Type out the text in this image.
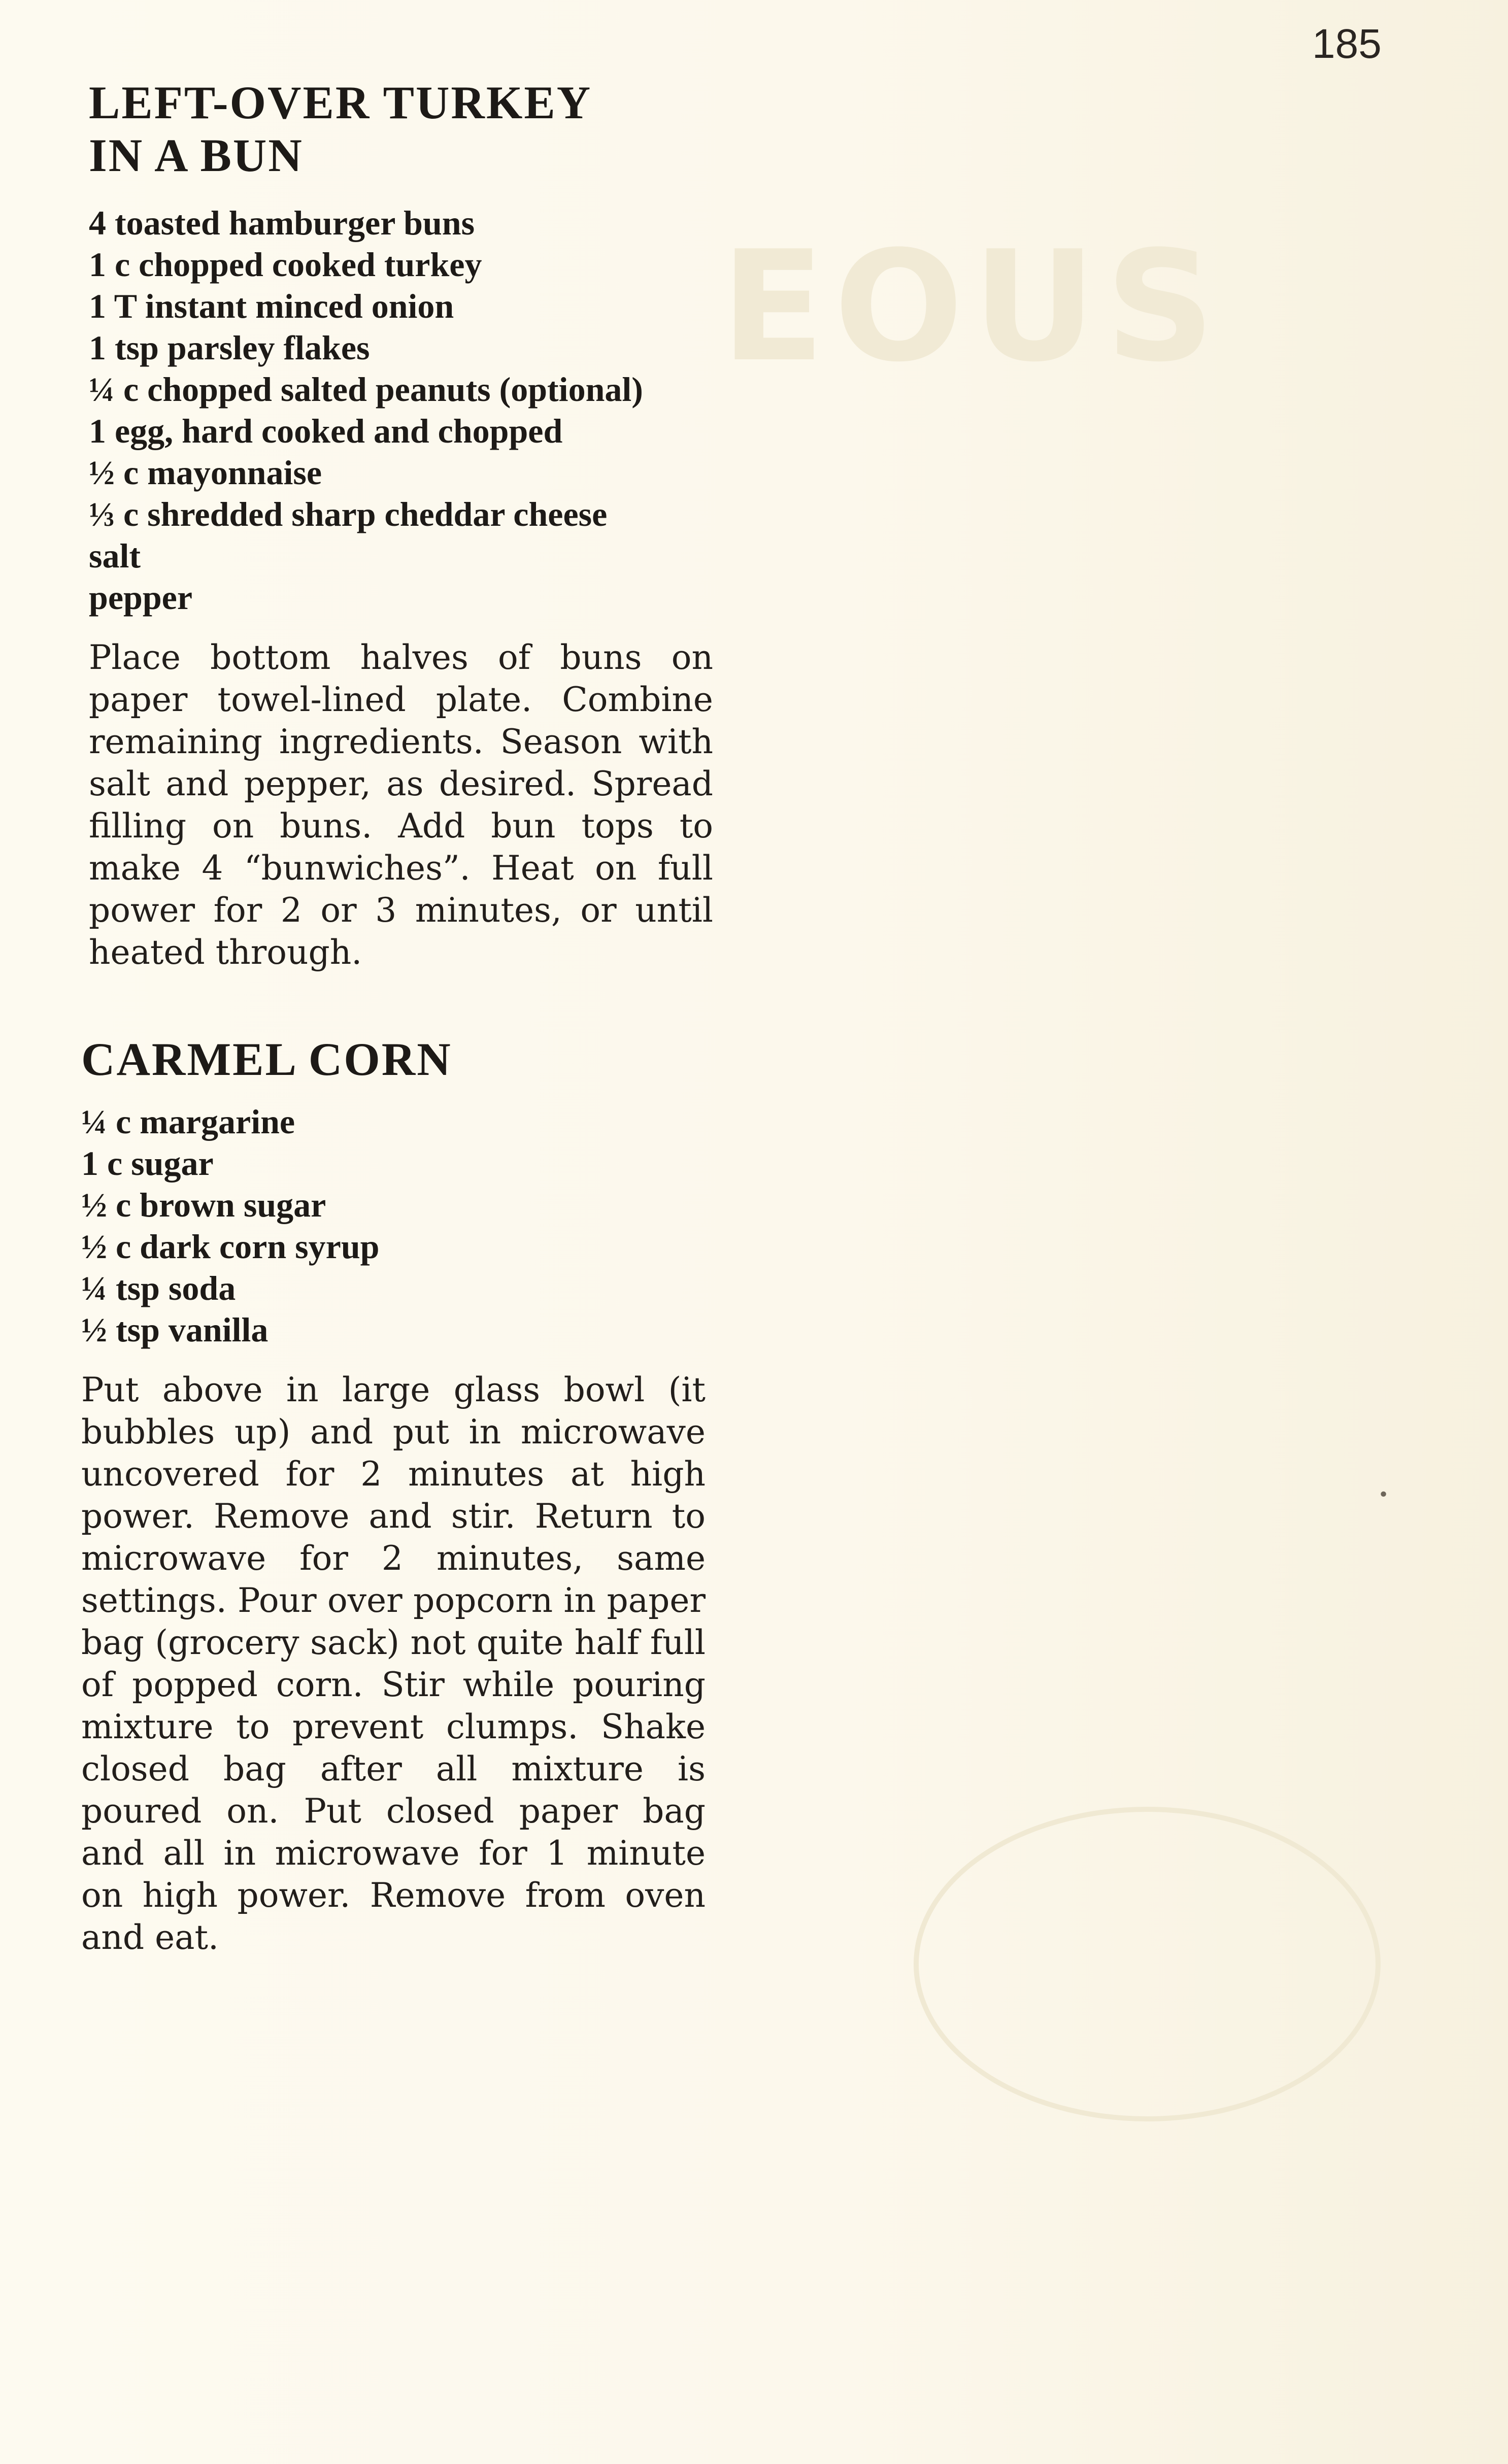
EOUS
185
LEFT-OVER TURKEY
IN A BUN
4 toasted hamburger buns
1 c chopped cooked turkey
1 T instant minced onion
1 tsp parsley flakes
¼ c chopped salted peanuts (optional)
1 egg, hard cooked and chopped
½ c mayonnaise
⅓ c shredded sharp cheddar cheese
salt
pepper

Place bottom halves of buns on paper towel-lined plate. Combine remaining ingredients. Season with salt and pepper, as desired. Spread filling on buns. Add bun tops to make 4 “bunwiches”. Heat on full power for 2 or 3 minutes, or until heated through.

CARMEL CORN
¼ c margarine
1 c sugar
½ c brown sugar
½ c dark corn syrup
¼ tsp soda
½ tsp vanilla

Put above in large glass bowl (it bubbles up) and put in microwave uncovered for 2 minutes at high power. Remove and stir. Return to microwave for 2 minutes, same settings. Pour over popcorn in paper bag (grocery sack) not quite half full of popped corn. Stir while pouring mixture to prevent clumps. Shake closed bag after all mixture is poured on. Put closed paper bag and all in microwave for 1 minute on high power. Remove from oven and eat.

•
